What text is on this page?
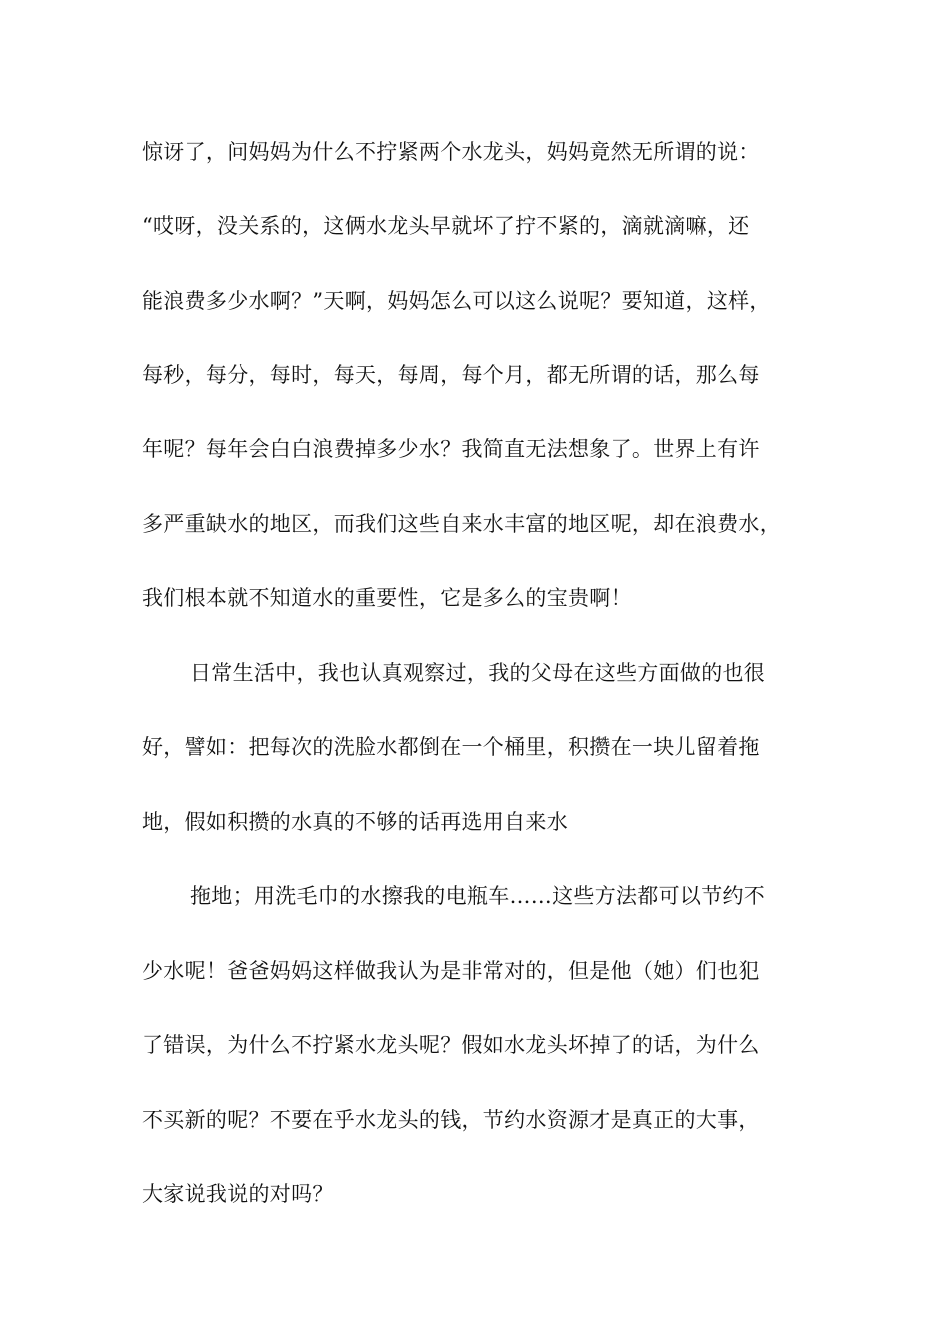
惊讶了，问妈妈为什么不拧紧两个水龙头，妈妈竟然无所谓的说：
“哎呀，没关系的，这俩水龙头早就坏了拧不紧的，滴就滴嘛，还
能浪费多少水啊？”天啊，妈妈怎么可以这么说呢？要知道，这样，
每秒，每分，每时，每天，每周，每个月，都无所谓的话，那么每
年呢？每年会白白浪费掉多少水？我简直无法想象了。世界上有许
多严重缺水的地区，而我们这些自来水丰富的地区呢，却在浪费水，
我们根本就不知道水的重要性，它是多么的宝贵啊！
日常生活中，我也认真观察过，我的父母在这些方面做的也很
好，譬如：把每次的洗脸水都倒在一个桶里，积攒在一块儿留着拖
地，假如积攒的水真的不够的话再选用自来水
拖地；用洗毛巾的水擦我的电瓶车……这些方法都可以节约不
少水呢！爸爸妈妈这样做我认为是非常对的，但是他（她）们也犯
了错误，为什么不拧紧水龙头呢？假如水龙头坏掉了的话，为什么
不买新的呢？不要在乎水龙头的钱，节约水资源才是真正的大事，
大家说我说的对吗？
